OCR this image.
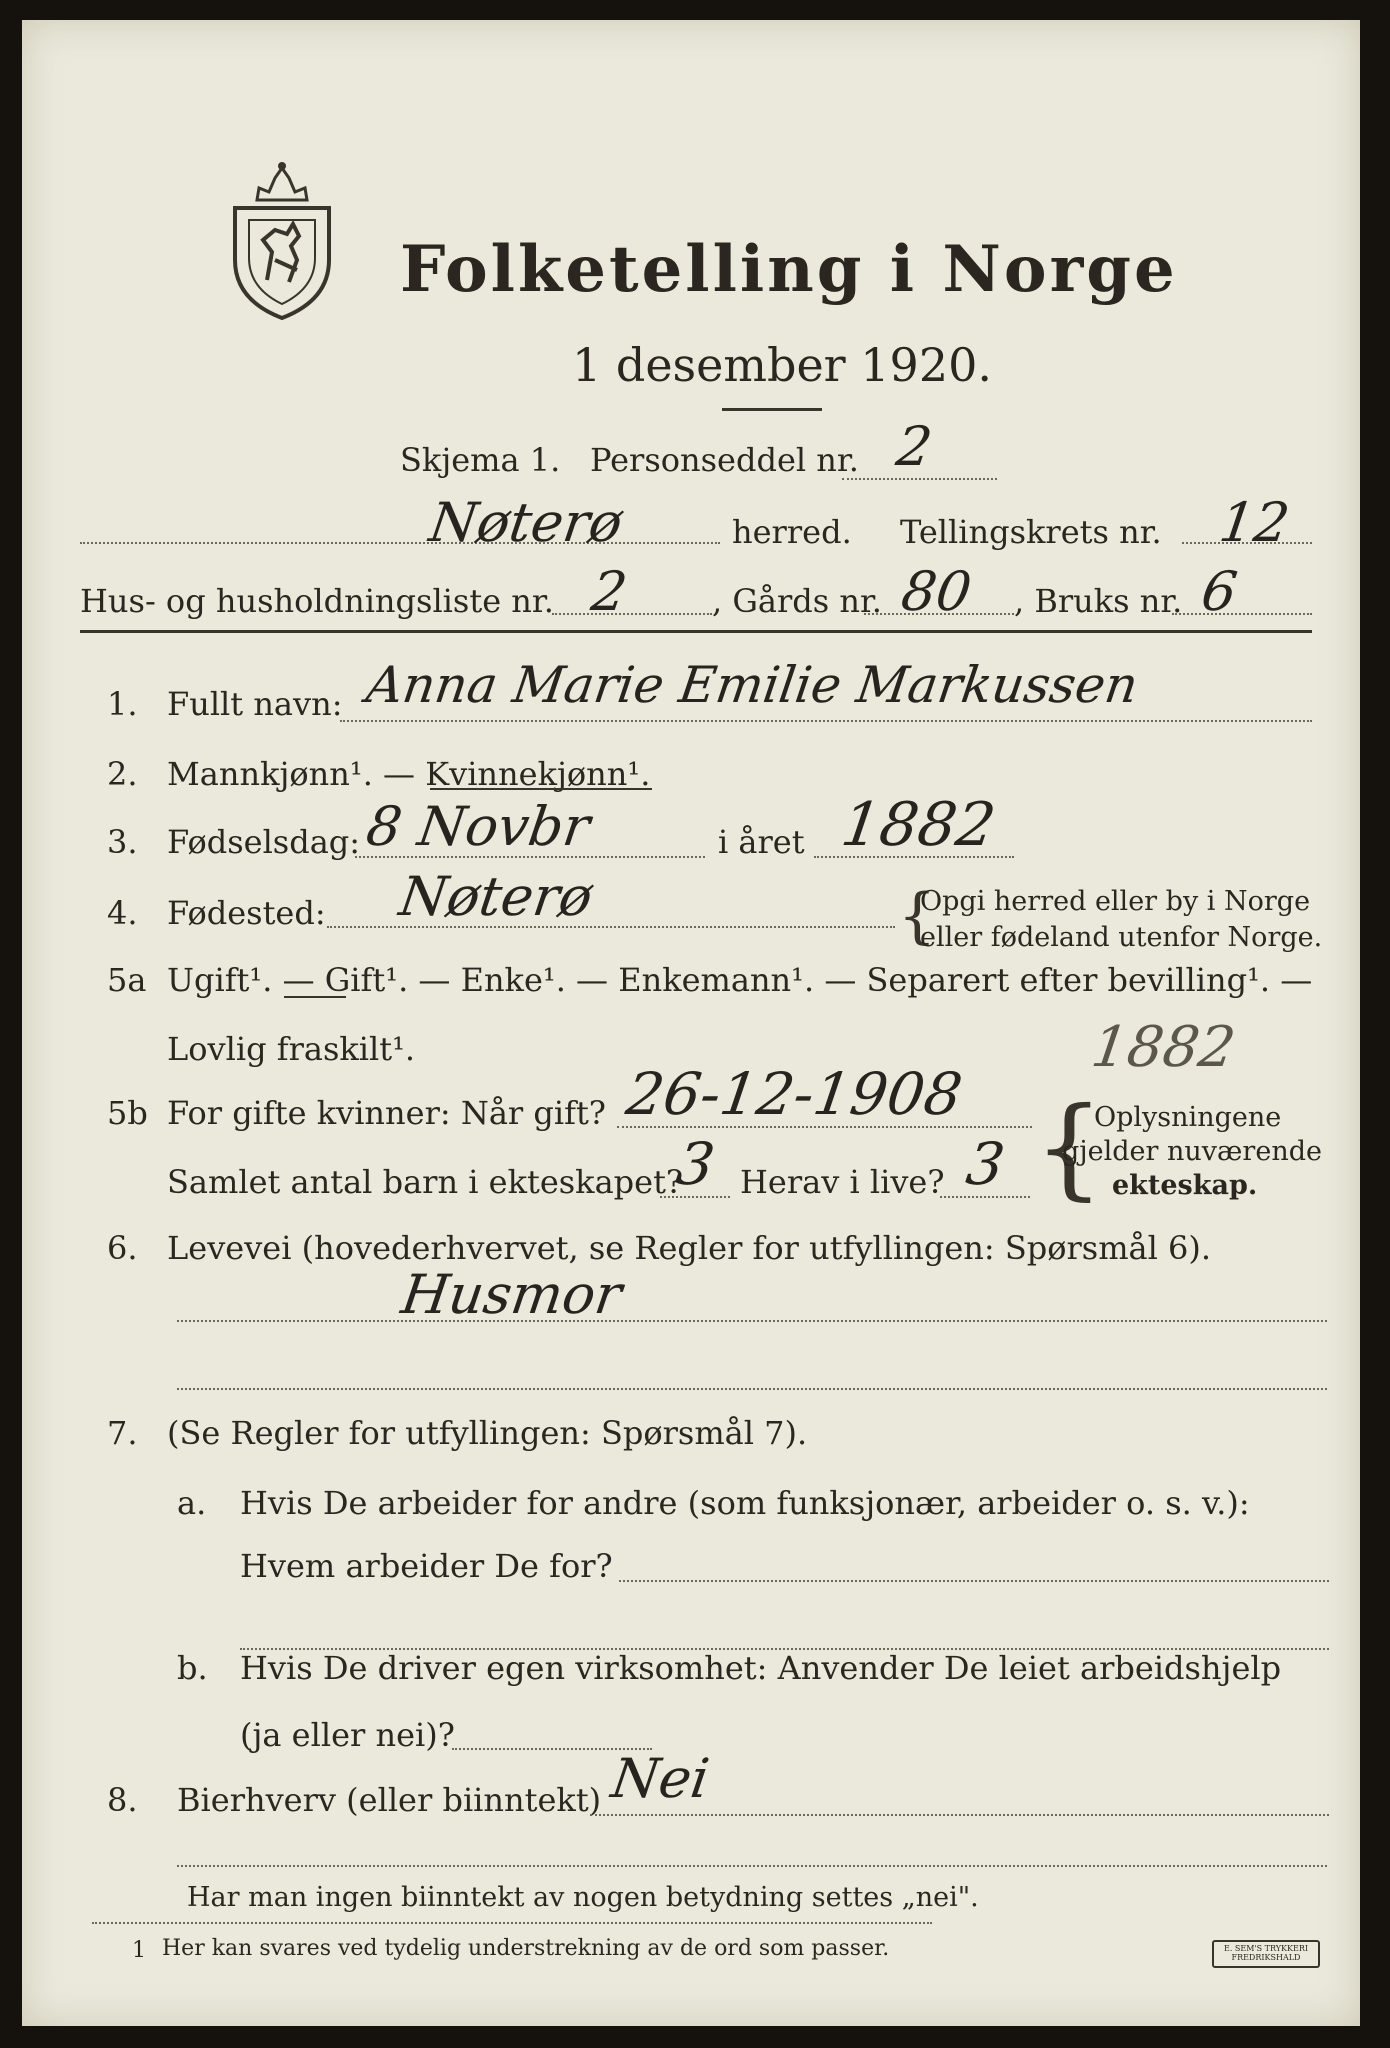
Folketelling i Norge
1 desember 1920.
Skjema 1. Personseddel nr. 2
Nøterø	herred. Tellingskrets nr. 12
Hus- og husholdningsliste nr. 2	, Gårds nr. 80 , Bruks nr. 6
1. Fullt navn: Anna Marie Emilie Markussen
2. Mannkjønn¹. — Kvinnekjønn¹.
3. Fødselsdag: 8 Novbr	i året 1882
4. Fødested: Nøterø	{
Opgi herred eller by i Norge
eller fødeland utenfor Norge.
5a Ugift¹. — Gift¹. — Enke¹. — Enkemann¹. — Separert efter bevilling¹. —
Lovlig fraskilt¹.	1882
5b For gifte kvinner: Når gift? 26-12-1908
Samlet antal barn i ekteskapet?
3 Herav i live? 3 {
Oplysningene
gjelder nuværende
ekteskap.
6. Levevei (hovederhvervet, se Regler for utfyllingen: Spørsmål 6).
Husmor
7. (Se Regler for utfyllingen: Spørsmål 7).
a. Hvis De arbeider for andre (som funksjonær, arbeider o. s. v.):
Hvem arbeider De for?
b. Hvis De driver egen virksomhet: Anvender De leiet arbeidshjelp
(ja eller nei)?
8. Bierhverv (eller biinntekt) Nei
Har man ingen biinntekt av nogen betydning settes „nei".
1 Her kan svares ved tydelig understrekning av de ord som passer.	E. SEM'S TRYKKERI FREDRIKSHALD
